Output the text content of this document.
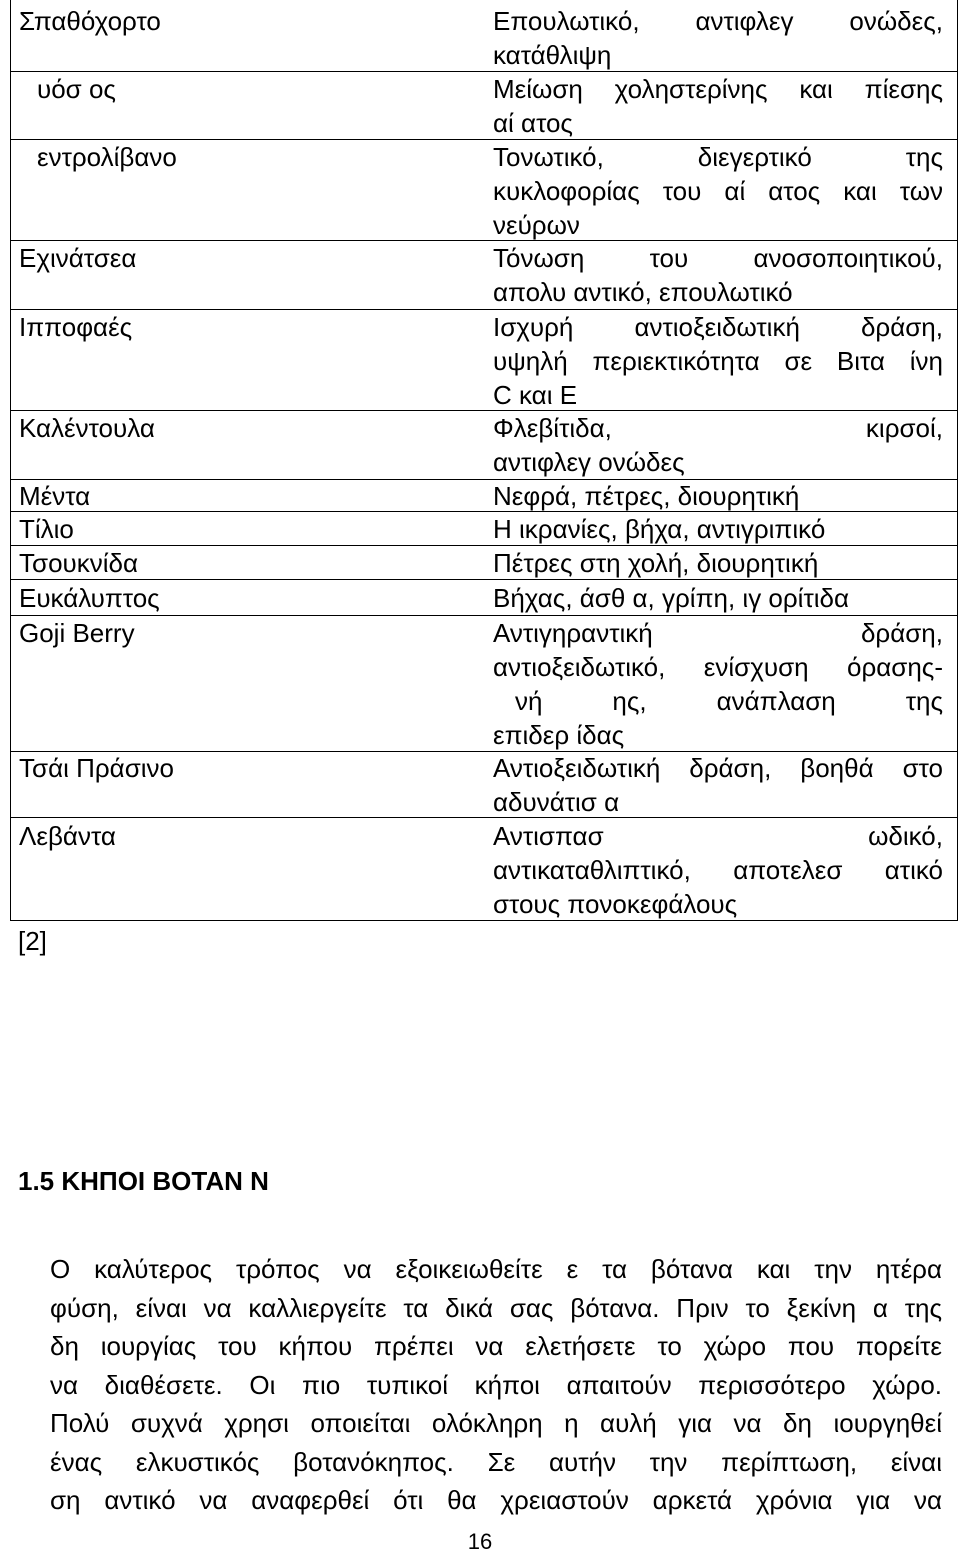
Σπαθόχορτο	Επουλωτικό, αντιφλεγ ονώδες,
κατάθλιψη
υόσ ος	Μείωση χοληστερίνης και πίεσης
αί ατος
εντρολίβανο	Τονωτικό, διεγερτικό της
κυκλοφορίας του αί ατος και των
νεύρων
Εχινάτσεα	Τόνωση του ανοσοποιητικού,
απολυ αντικό, επουλωτικό
Ιπποφαές	Ισχυρή αντιοξειδωτική δράση,
υψηλή περιεκτικότητα σε Βιτα ίνη
C και E
Καλέντουλα	Φλεβίτιδα, κιρσοί,
αντιφλεγ ονώδες
Μέντα	Νεφρά, πέτρες, διουρητική
Τίλιο	Η ικρανίες, βήχα, αντιγριπικό
Τσουκνίδα	Πέτρες στη χολή, διουρητική
Ευκάλυπτος	Βήχας, άσθ α, γρίπη, ιγ ορίτιδα
Goji Berry	Αντιγηραντική δράση,
αντιοξειδωτικό, ενίσχυση όρασης-
νή ης, ανάπλαση της
επιδερ ίδας
Τσάι Πράσινο	Αντιοξειδωτική δράση, βοηθά στο
αδυνάτισ α
Λεβάντα	Αντισπασ ωδικό,
αντικαταθλιπτικό, αποτελεσ ατικό
στους πονοκεφάλους
[2]
1.5 ΚΗΠΟΙ ΒΟΤΑΝ Ν
Ο καλύτερος τρόπος να εξοικειωθείτε ε τα βότανα και την ητέρα
φύση, είναι να καλλιεργείτε τα δικά σας βότανα. Πριν το ξεκίνη α της
δη ιουργίας του κήπου πρέπει να ελετήσετε το χώρο που πορείτε
να διαθέσετε. Οι πιο τυπικοί κήποι απαιτούν περισσότερο χώρο.
Πολύ συχνά χρησι οποιείται ολόκληρη η αυλή για να δη ιουργηθεί
ένας ελκυστικός βοτανόκηπος. Σε αυτήν την περίπτωση, είναι
ση αντικό να αναφερθεί ότι θα χρειαστούν αρκετά χρόνια για να
16
